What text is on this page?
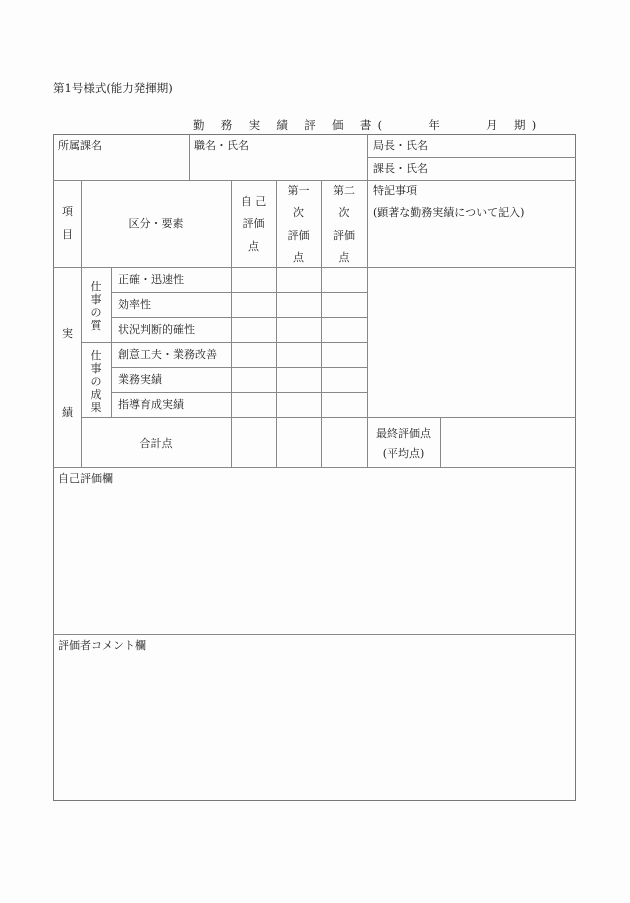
第1号様式(能力発揮期)
勤 務 実 績 評 価 書(    年    月 期)
所属課名	職名・氏名	局長・氏名
課長・氏名
項
目
区分・要素
自 己
評価
点
第一
次
評価
点
第二
次
評価
点
特記事項
(顕著な勤務実績について記入)
実
績
仕
事
の
質
仕
事
の
成
果
正確・迅速性
効率性
状況判断的確性
創意工夫・業務改善
業務実績
指導育成実績
合計点
最終評価点
(平均点)
自己評価欄
評価者コメント欄
